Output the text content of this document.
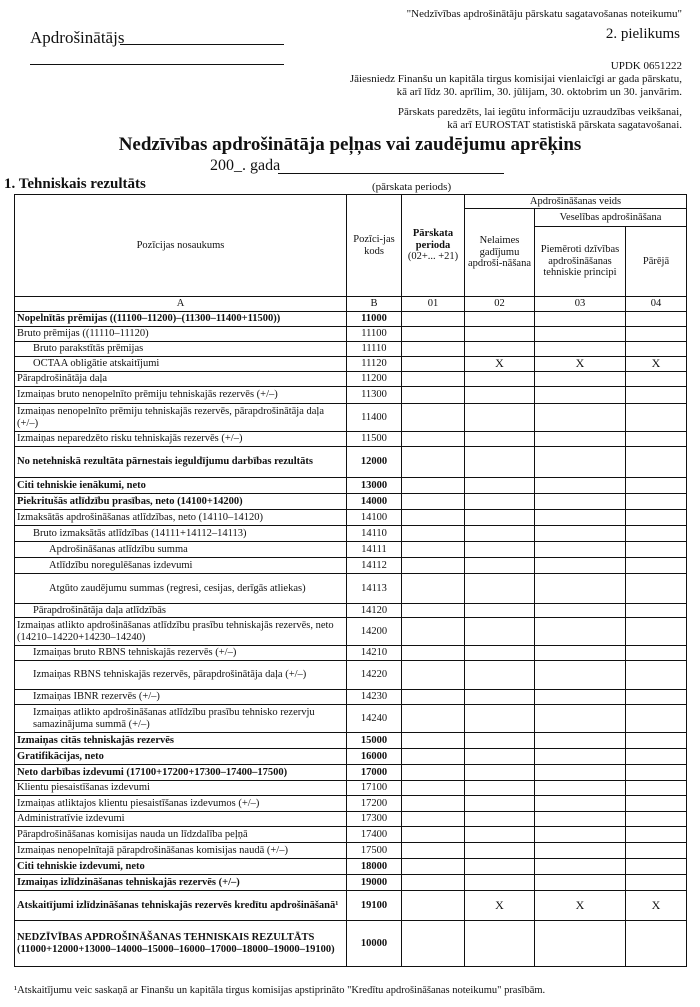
Apdrošinātājs
"Nedzīvības apdrošinātāju pārskatu sagatavošanas noteikumu"
2. pielikums
UPDK 0651222
Jāiesniedz Finanšu un kapitāla tirgus komisijai vienlaicīgi ar gada pārskatu,
kā arī līdz 30. aprīlim, 30. jūlijam, 30. oktobrim un 30. janvārim.
Pārskats paredzēts, lai iegūtu informāciju uzraudzības veikšanai,
kā arī EUROSTAT statistiskā pārskata sagatavošanai.
Nedzīvības apdrošinātāja peļņas vai zaudējumu aprēķins
200_. gada
1. Tehniskais rezultāts	(pārskata periods)
Pozīcijas nosaukums	Pozīci-jas kods	Pārskata perioda
(02+... +21)	Apdrošināšanas veids		
			Nelaimes gadījumu apdroši-nāšana	Veselības apdrošināšana	
				Piemēroti dzīvības apdrošināšanas tehniskie principi	Pārējā
A	B	01	02	03	04
Nopelnītās prēmijas ((11100–11200)–(11300–11400+11500))	11000				
Bruto prēmijas ((11110–11120)	11100				
Bruto parakstītās prēmijas	11110				
OCTAA obligātie atskaitījumi	11120		X	X	X
Pārapdrošinātāja daļa	11200				
Izmaiņas bruto nenopelnīto prēmiju tehniskajās rezervēs (+/–)	11300				
Izmaiņas nenopelnīto prēmiju tehniskajās rezervēs, pārapdrošinātāja daļa (+/–)	11400				
Izmaiņas neparedzēto risku tehniskajās rezervēs (+/–)	11500				
No netehniskā rezultāta pārnestais ieguldījumu darbības rezultāts	12000				
Citi tehniskie ienākumi, neto	13000				
Piekritušās atlīdzību prasības, neto (14100+14200)	14000				
Izmaksātās apdrošināšanas atlīdzības, neto (14110–14120)	14100				
Bruto izmaksātās atlīdzības (14111+14112–14113)	14110				
Apdrošināšanas atlīdzību summa	14111				
Atlīdzību noregulēšanas izdevumi	14112				
Atgūto zaudējumu summas (regresi, cesijas, derīgās atliekas)	14113				
Pārapdrošinātāja daļa atlīdzībās	14120				
Izmaiņas atlikto apdrošināšanas atlīdzību prasību tehniskajās rezervēs, neto (14210–14220+14230–14240)	14200				
Izmaiņas bruto RBNS tehniskajās rezervēs (+/–)	14210				
Izmaiņas RBNS tehniskajās rezervēs, pārapdrošinātāja daļa (+/–)	14220				
Izmaiņas IBNR rezervēs (+/–)	14230				
Izmaiņas atlikto apdrošināšanas atlīdzību prasību tehnisko rezervju samazinājuma summā (+/–)	14240				
Izmaiņas citās tehniskajās rezervēs	15000				
Gratifikācijas, neto	16000				
Neto darbības izdevumi (17100+17200+17300–17400–17500)	17000				
Klientu piesaistīšanas izdevumi	17100				
Izmaiņas atliktajos klientu piesaistīšanas izdevumos (+/–)	17200				
Administratīvie izdevumi	17300				
Pārapdrošināšanas komisijas nauda un līdzdalība peļņā	17400				
Izmaiņas nenopelnītajā pārapdrošināšanas komisijas naudā (+/–)	17500				
Citi tehniskie izdevumi, neto	18000				
Izmaiņas izlīdzināšanas tehniskajās rezervēs (+/–)	19000				
Atskaitījumi izlīdzināšanas tehniskajās rezervēs kredītu apdrošināšanā¹	19100		X	X	X
NEDZĪVĪBAS APDROŠINĀŠANAS TEHNISKAIS REZULTĀTS (11000+12000+13000–14000–15000–16000–17000–18000–19000–19100)	10000				
¹Atskaitījumu veic saskaņā ar Finanšu un kapitāla tirgus komisijas apstiprināto "Kredītu apdrošināšanas noteikumu" prasībām.
